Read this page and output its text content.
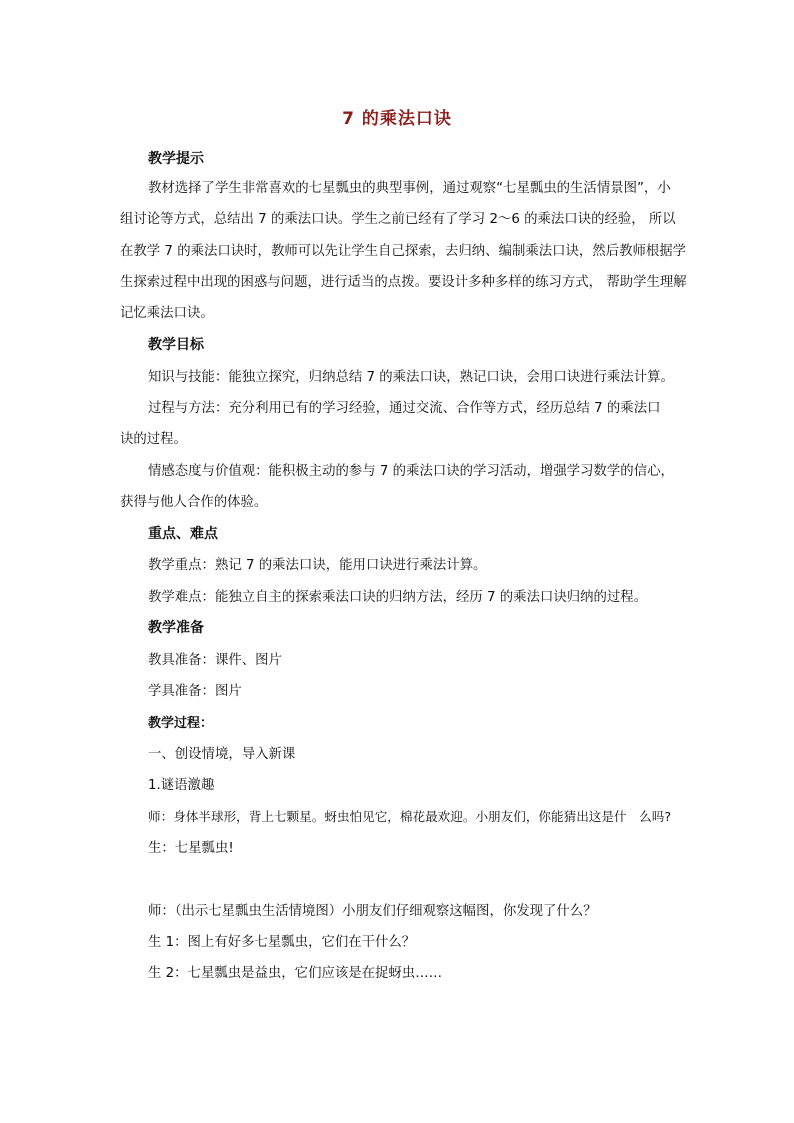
7 的乘法口诀
教学提示
教材选择了学生非常喜欢的七星瓢虫的典型事例，通过观察“七星瓢虫的生活情景图”，小
组讨论等方式，总结出 7 的乘法口诀。学生之前已经有了学习 2～6 的乘法口诀的经验， 所以
在教学 7 的乘法口诀时，教师可以先让学生自己探索，去归纳、编制乘法口诀，然后教师根据学
生探索过程中出现的困惑与问题，进行适当的点拨。要设计多种多样的练习方式， 帮助学生理解
记忆乘法口诀。
教学目标
知识与技能：能独立探究，归纳总结 7 的乘法口诀，熟记口诀，会用口诀进行乘法计算。
过程与方法：充分利用已有的学习经验，通过交流、合作等方式，经历总结 7 的乘法口
诀的过程。
情感态度与价值观：能积极主动的参与 7 的乘法口诀的学习活动，增强学习数学的信心，
获得与他人合作的体验。
重点、难点
教学重点：熟记 7 的乘法口诀，能用口诀进行乘法计算。
教学难点：能独立自主的探索乘法口诀的归纳方法，经历 7 的乘法口诀归纳的过程。
教学准备
教具准备：课件、图片
学具准备：图片
教学过程：
一、创设情境，导入新课
1.谜语激趣
师：身体半球形，背上七颗星。蚜虫怕见它，棉花最欢迎。小朋友们，你能猜出这是什　么吗?
生：七星瓢虫!
师：（出示七星瓢虫生活情境图）小朋友们仔细观察这幅图，你发现了什么？
生 1：图上有好多七星瓢虫，它们在干什么？
生 2：七星瓢虫是益虫，它们应该是在捉蚜虫……
